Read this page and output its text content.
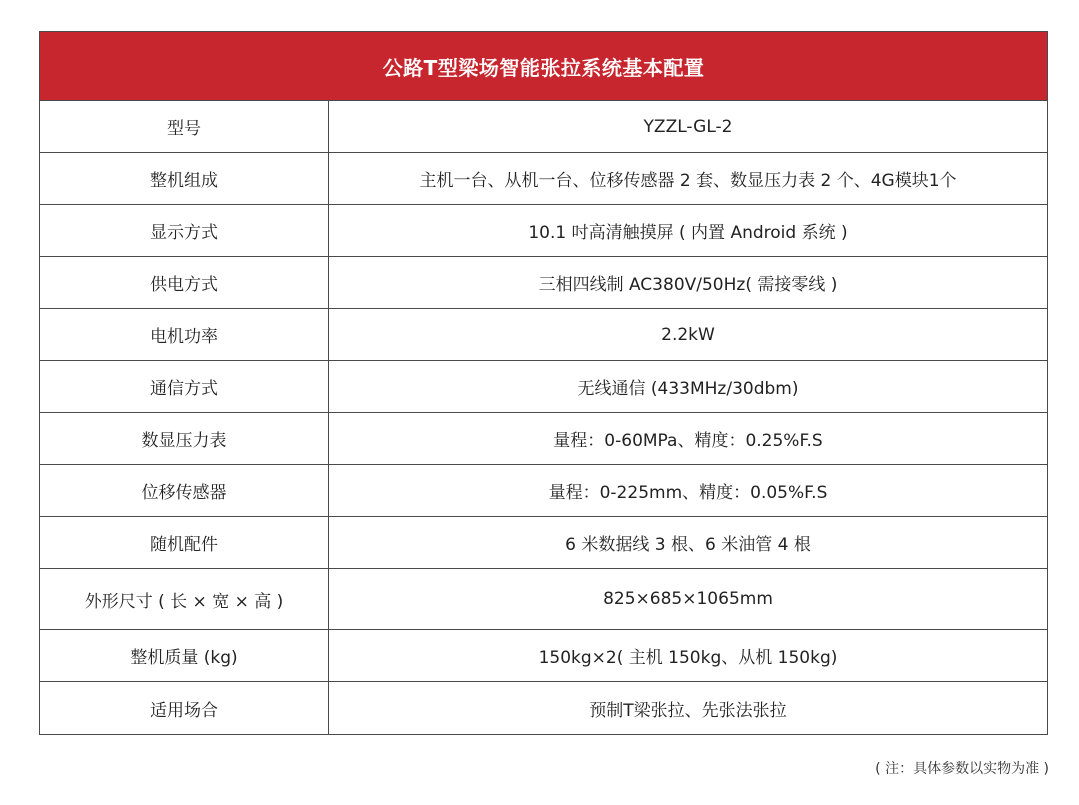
公路T型梁场智能张拉系统基本配置
型号	YZZL-GL-2
整机组成	主机一台、从机一台、位移传感器 2 套、数显压力表 2 个、4G模块1个
显示方式	10.1 吋高清触摸屏 ( 内置 Android 系统 )
供电方式	三相四线制 AC380V/50Hz( 需接零线 )
电机功率	2.2kW
通信方式	无线通信 (433MHz/30dbm)
数显压力表	量程：0-60MPa、精度：0.25%F.S
位移传感器	量程：0-225mm、精度：0.05%F.S
随机配件	6 米数据线 3 根、6 米油管 4 根
外形尺寸 ( 长 × 宽 × 高 )	825×685×1065mm
整机质量 (kg)	150kg×2( 主机 150kg、从机 150kg)
适用场合	预制T梁张拉、先张法张拉
( 注：具体参数以实物为准 )
